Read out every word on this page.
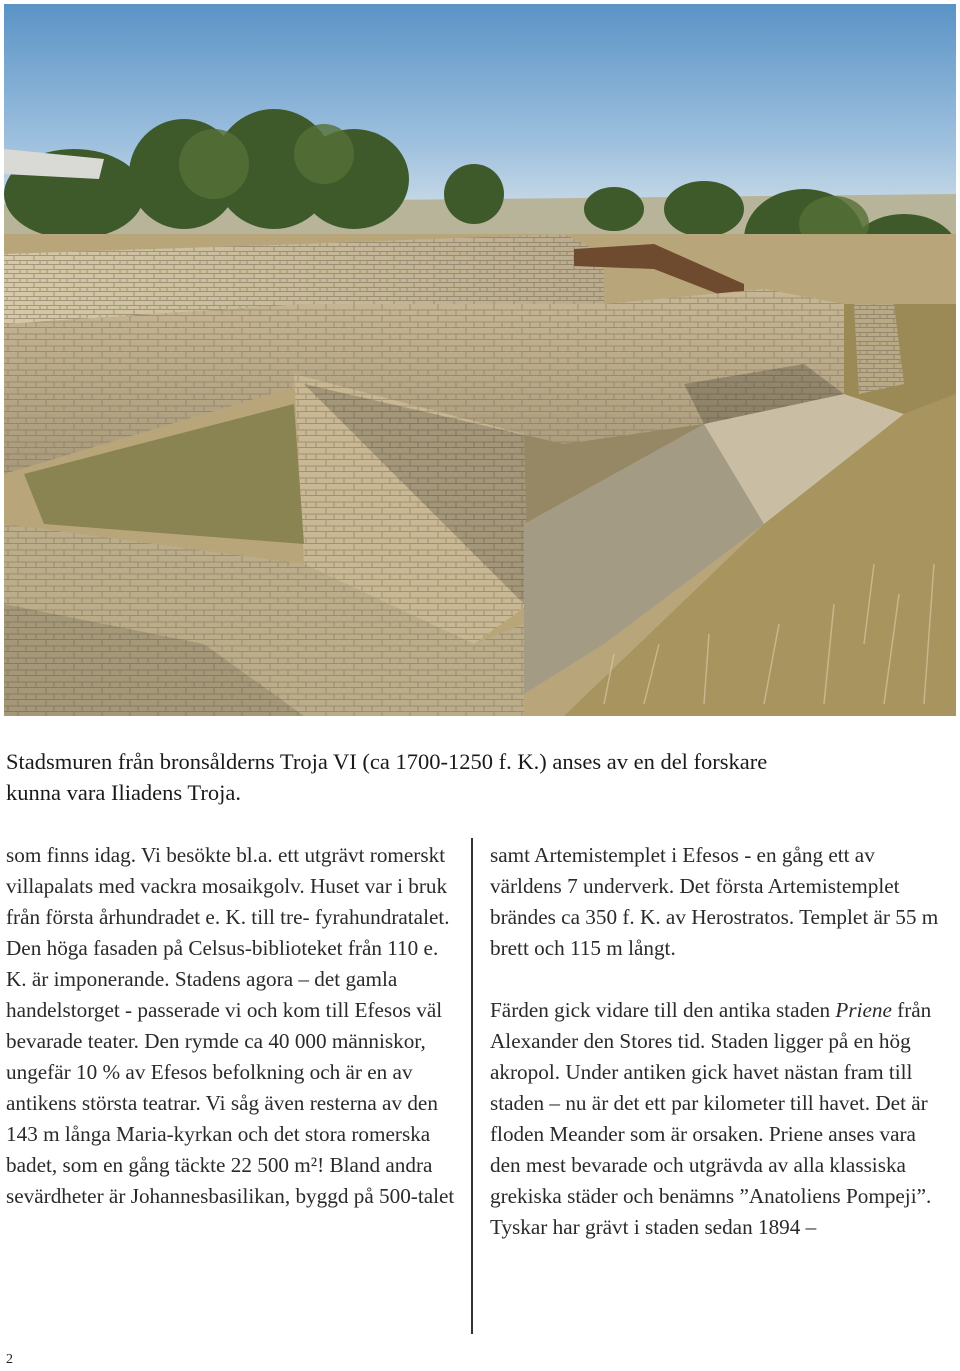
Stadsmuren från bronsålderns Troja VI (ca 1700-1250 f. K.) anses av en del forskare

kunna vara Iliadens Troja.

som finns idag. Vi besökte bl.a. ett utgrävt romerskt villapalats med vackra mosaikgolv. Huset var i bruk från första århundradet e. K. till tre- fyrahundratalet. Den höga fasaden på Celsus-biblioteket från 110 e. K. är imponerande. Stadens agora – det gamla handelstorget - passerade vi och kom till Efesos väl bevarade teater. Den rymde ca 40 000 människor, ungefär 10 % av Efesos befolkning och är en av antikens största teatrar. Vi såg även resterna av den 143 m långa Maria-kyrkan och det stora romerska badet, som en gång täckte 22 500 m²! Bland andra sevärdheter är Johannesbasilikan, byggd på 500-talet

samt Artemistemplet i Efesos - en gång ett av världens 7 underverk. Det första Artemistemplet brändes ca 350 f. K. av Herostratos. Templet är 55 m brett och 115 m långt.

Färden gick vidare till den antika staden Priene från Alexander den Stores tid. Staden ligger på en hög akropol. Under antiken gick havet nästan fram till staden – nu är det ett par kilometer till havet. Det är floden Meander som är orsaken. Priene anses vara den mest bevarade och utgrävda av alla klassiska grekiska städer och benämns ”Anatoliens Pompeji”. Tyskar har grävt i staden sedan 1894 –

2
